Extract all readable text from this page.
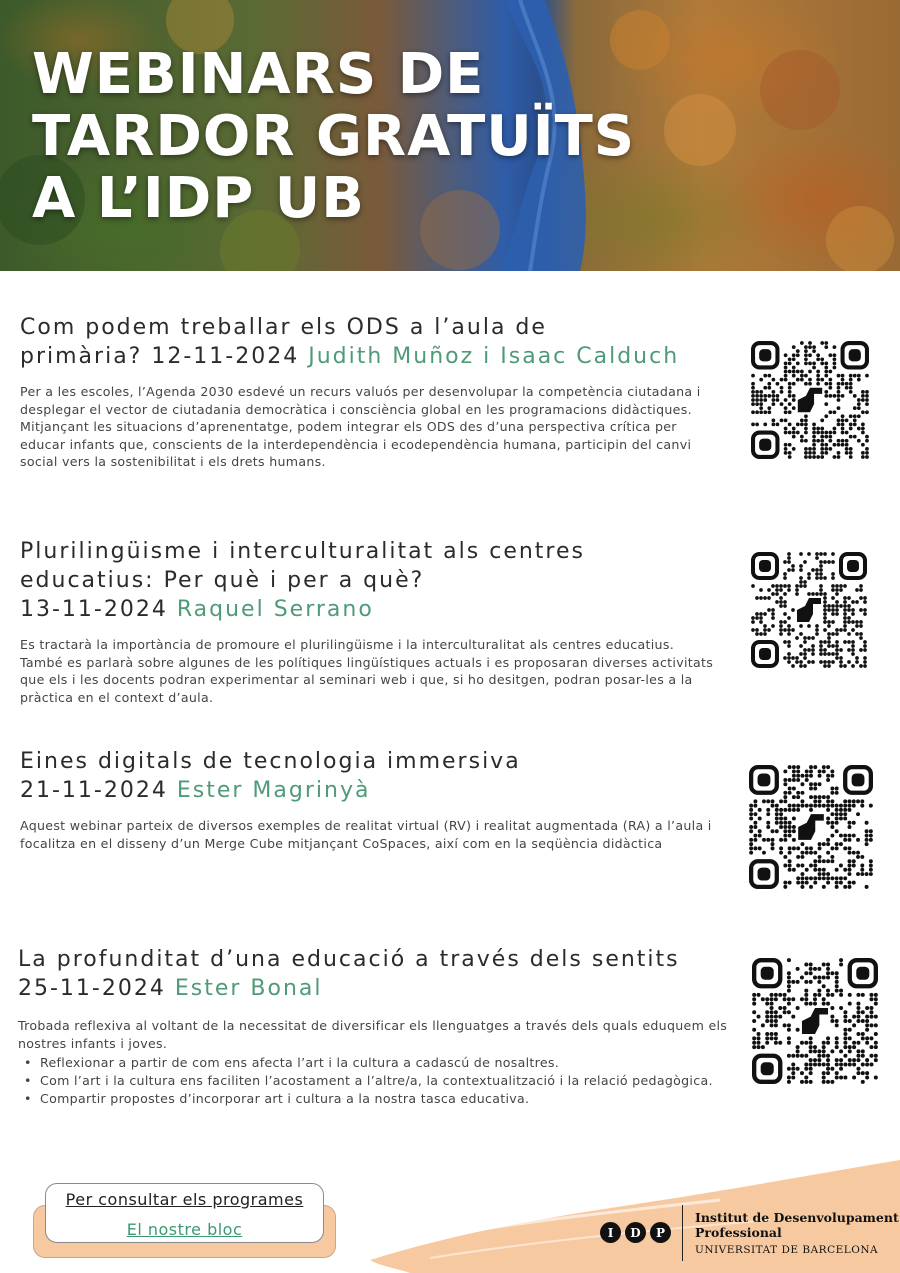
WEBINARS DE
TARDOR GRATUÏTS
A L’IDP UB
Com podem treballar els ODS a l’aula de
primària? 12-11-2024 Judith Muñoz i Isaac Calduch

Per a les escoles, l’Agenda 2030 esdevé un recurs valuós per desenvolupar la competència ciutadana i desplegar el vector de ciutadania democràtica i consciència global en les programacions didàctiques. Mitjançant les situacions d’aprenentatge, podem integrar els ODS des d’una perspectiva crítica per educar infants que, conscients de la interdependència i ecodependència humana, participin del canvi social vers la sostenibilitat i els drets humans.

Plurilingüisme i interculturalitat als centres
educatius: Per què i per a què?
13-11-2024 Raquel Serrano

Es tractarà la importància de promoure el plurilingüisme i la interculturalitat als centres educatius. També es parlarà sobre algunes de les polítiques lingüístiques actuals i es proposaran diverses activitats que els i les docents podran experimentar al seminari web i que, si ho desitgen, podran posar-les a la pràctica en el context d’aula.

Eines digitals de tecnologia immersiva
21-11-2024 Ester Magrinyà

Aquest webinar parteix de diversos exemples de realitat virtual (RV) i realitat augmentada (RA) a l’aula i focalitza en el disseny d’un Merge Cube mitjançant CoSpaces, així com en la seqüència didàctica

La profunditat d’una educació a través dels sentits
25-11-2024 Ester Bonal

Trobada reflexiva al voltant de la necessitat de diversificar els llenguatges a través dels quals eduquem els nostres infants i joves.

• Reflexionar a partir de com ens afecta l’art i la cultura a cadascú de nosaltres.
• Com l’art i la cultura ens faciliten l’acostament a l’altre/a, la contextualització i la relació pedagògica.
• Compartir propostes d’incorporar art i cultura a la nostra tasca educativa.
Per consultar els programes
El nostre bloc	I	D	P
Institut de Desenvolupament
Professional
UNIVERSITAT DE BARCELONA
